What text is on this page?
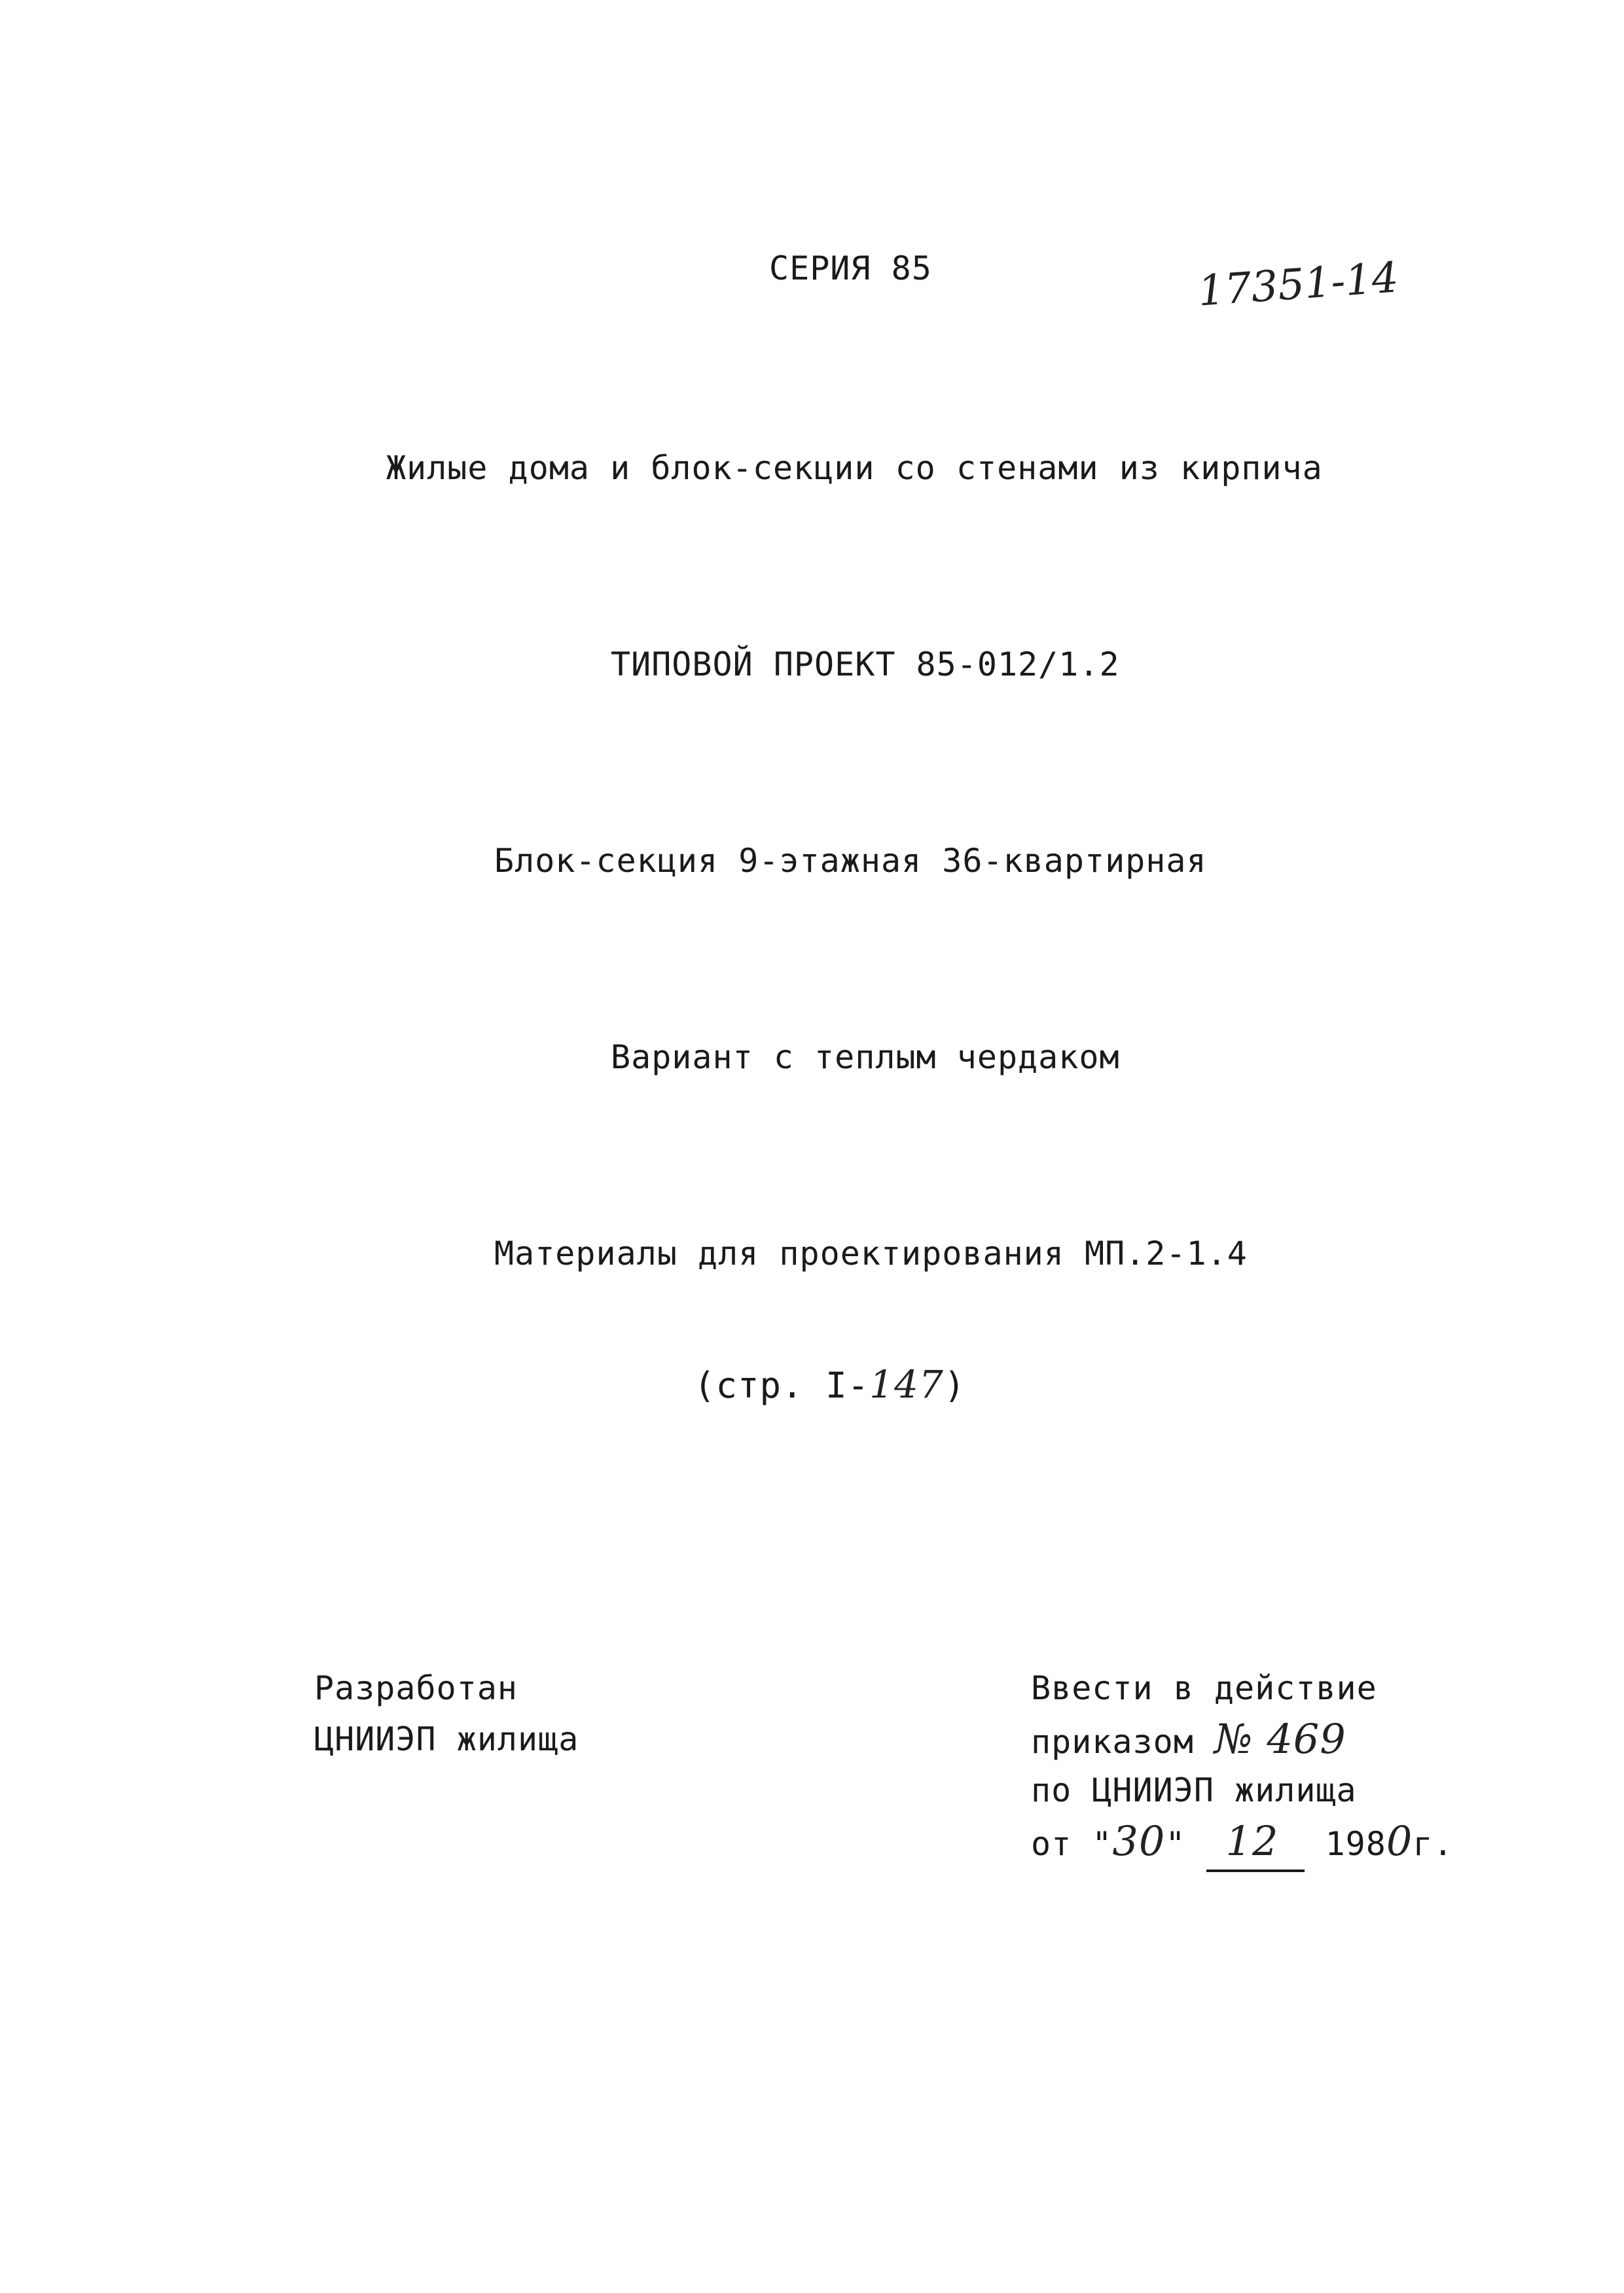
СЕРИЯ 85	17351-14
Жилые дома и блок-секции со стенами из кирпича
ТИПОВОЙ ПРОЕКТ 85-012/1.2
Блок-секция 9-этажная 36-квартирная
Вариант с теплым чердаком
Материалы для проектирования МП.2-1.4
(стр. I-147)
Разработан
ЦНИИЭП жилища
Ввести в действие
приказом № 469
по ЦНИИЭП жилища
от "30" 12 1980г.
